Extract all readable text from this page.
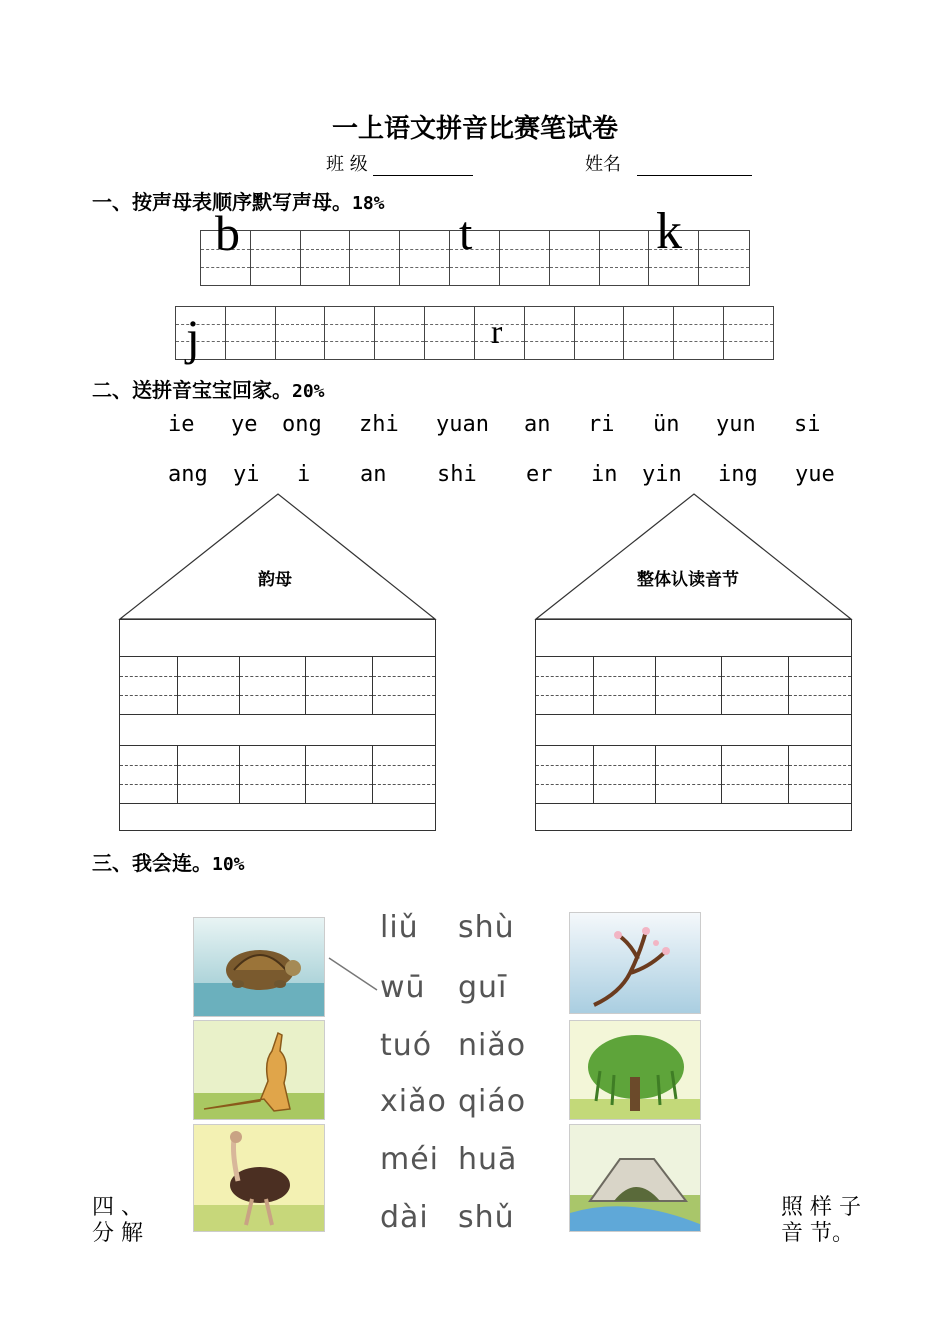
一上语文拼音比赛笔试卷
班 级	姓名
一、按声母表顺序默写声母。18%
b	t	k
j	r
二、送拼音宝宝回家。20%
ie ye ong zhi yuan an ri ün yun si
ang yi i an shi er in yin ing yue
韵母	整体认读音节
三、我会连。10%
liǔ shù
wū guī
tuó niǎo
xiǎo qiáo
méi huā
dài shǔ
四 、
分 解
照 样 子
音 节。
